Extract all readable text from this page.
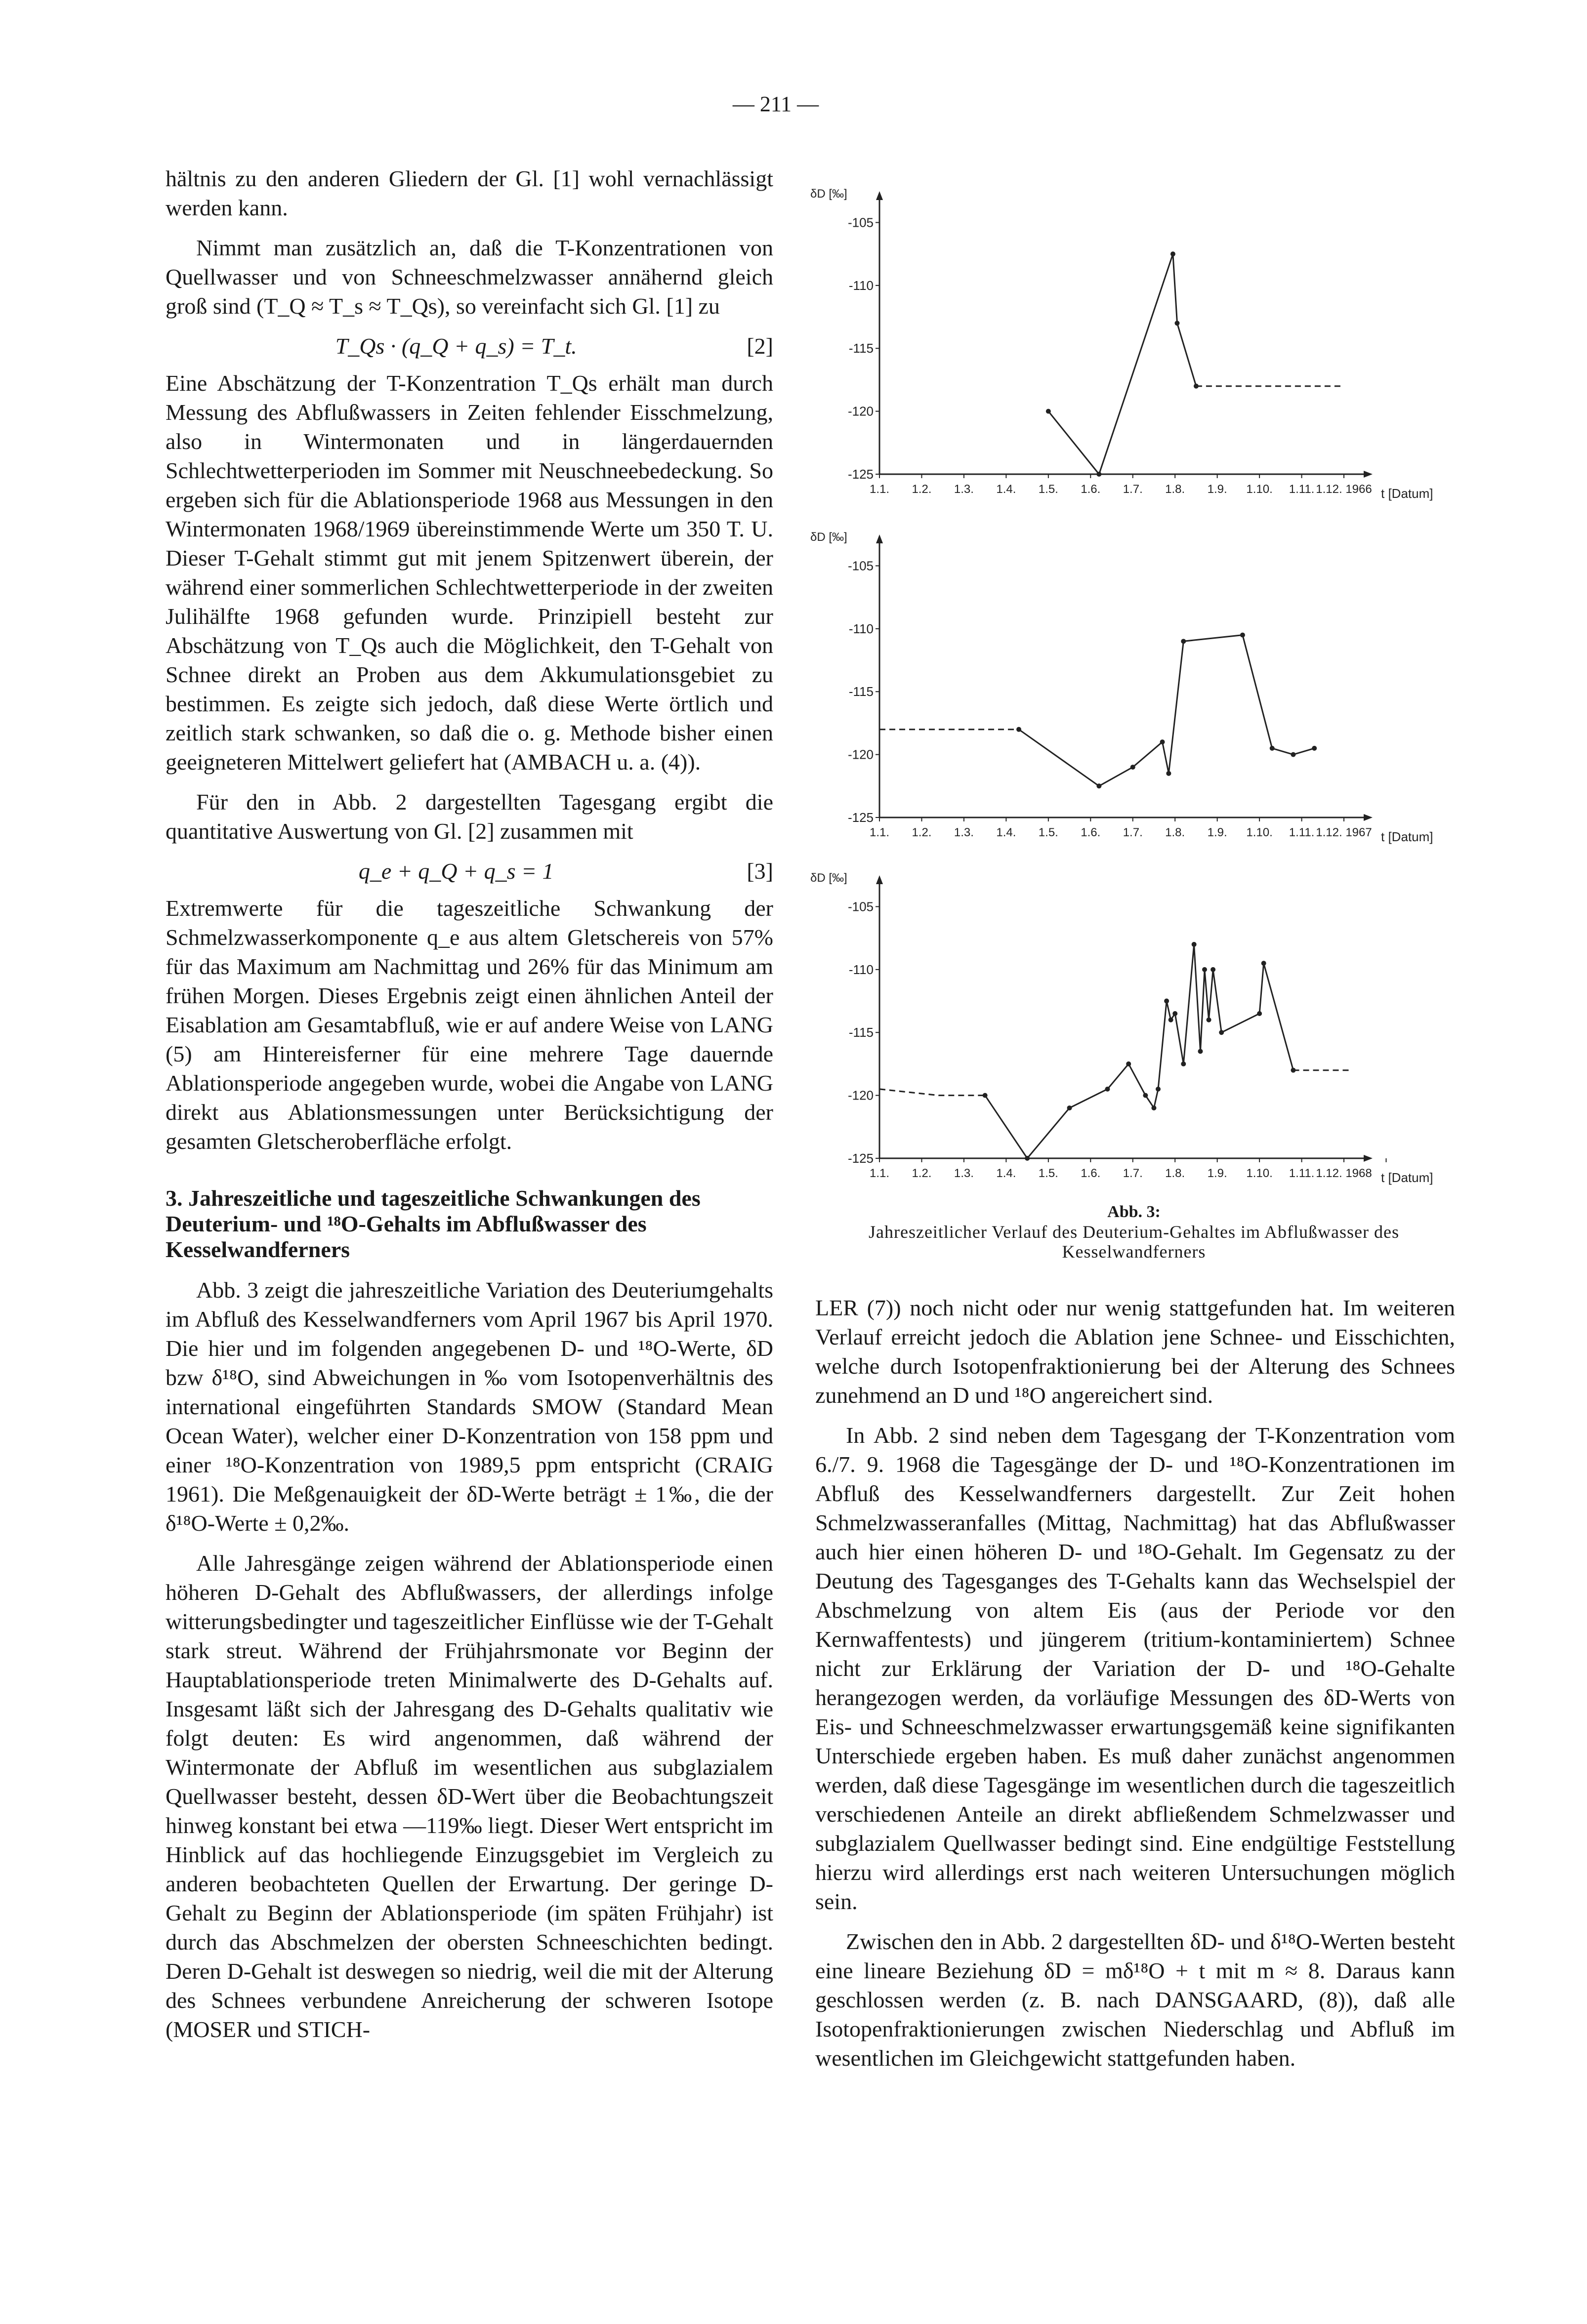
— 211 —

hältnis zu den anderen Gliedern der Gl. [1] wohl vernachlässigt werden kann.

Nimmt man zusätzlich an, daß die T-Konzentrationen von Quellwasser und von Schneeschmelzwasser annähernd gleich groß sind (T_Q ≈ T_s ≈ T_Qs), so vereinfacht sich Gl. [1] zu

T_Qs · (q_Q + q_s) = T_t.	[2]

Eine Abschätzung der T-Konzentration T_Qs erhält man durch Messung des Abflußwassers in Zeiten fehlender Eisschmelzung, also in Wintermonaten und in längerdauernden Schlechtwetterperioden im Sommer mit Neuschneebedeckung. So ergeben sich für die Ablationsperiode 1968 aus Messungen in den Wintermonaten 1968/1969 übereinstimmende Werte um 350 T. U. Dieser T-Gehalt stimmt gut mit jenem Spitzenwert überein, der während einer sommerlichen Schlechtwetterperiode in der zweiten Julihälfte 1968 gefunden wurde. Prinzipiell besteht zur Abschätzung von T_Qs auch die Möglichkeit, den T-Gehalt von Schnee direkt an Proben aus dem Akkumulationsgebiet zu bestimmen. Es zeigte sich jedoch, daß diese Werte örtlich und zeitlich stark schwanken, so daß die o. g. Methode bisher einen geeigneteren Mittelwert geliefert hat (AMBACH u. a. (4)).

Für den in Abb. 2 dargestellten Tagesgang ergibt die quantitative Auswertung von Gl. [2] zusammen mit

q_e + q_Q + q_s = 1	[3]

Extremwerte für die tageszeitliche Schwankung der Schmelzwasserkomponente q_e aus altem Gletschereis von 57% für das Maximum am Nachmittag und 26% für das Minimum am frühen Morgen. Dieses Ergebnis zeigt einen ähnlichen Anteil der Eisablation am Gesamtabfluß, wie er auf andere Weise von LANG (5) am Hintereisferner für eine mehrere Tage dauernde Ablationsperiode angegeben wurde, wobei die Angabe von LANG direkt aus Ablationsmessungen unter Berücksichtigung der gesamten Gletscheroberfläche erfolgt.

3. Jahreszeitliche und tageszeitliche Schwankungen des Deuterium- und ¹⁸O-Gehalts im Abflußwasser des Kesselwandferners

Abb. 3 zeigt die jahreszeitliche Variation des Deuteriumgehalts im Abfluß des Kesselwandferners vom April 1967 bis April 1970. Die hier und im folgenden angegebenen D- und ¹⁸O-Werte, δD bzw δ¹⁸O, sind Abweichungen in ‰ vom Isotopenverhältnis des international eingeführten Standards SMOW (Standard Mean Ocean Water), welcher einer D-Konzentration von 158 ppm und einer ¹⁸O-Konzentration von 1989,5 ppm entspricht (CRAIG 1961). Die Meßgenauigkeit der δD-Werte beträgt ± 1‰, die der δ¹⁸O-Werte ± 0,2‰.

Alle Jahresgänge zeigen während der Ablationsperiode einen höheren D-Gehalt des Abflußwassers, der allerdings infolge witterungsbedingter und tageszeitlicher Einflüsse wie der T-Gehalt stark streut. Während der Frühjahrsmonate vor Beginn der Hauptablationsperiode treten Minimalwerte des D-Gehalts auf. Insgesamt läßt sich der Jahresgang des D-Gehalts qualitativ wie folgt deuten: Es wird angenommen, daß während der Wintermonate der Abfluß im wesentlichen aus subglazialem Quellwasser besteht, dessen δD-Wert über die Beobachtungszeit hinweg konstant bei etwa —119‰ liegt. Dieser Wert entspricht im Hinblick auf das hochliegende Einzugsgebiet im Vergleich zu anderen beobachteten Quellen der Erwartung. Der geringe D-Gehalt zu Beginn der Ablationsperiode (im späten Frühjahr) ist durch das Abschmelzen der obersten Schneeschichten bedingt. Deren D-Gehalt ist deswegen so niedrig, weil die mit der Alterung des Schnees verbundene Anreicherung der schweren Isotope (MOSER und STICH-

δD [‰]
-105
-110
-115
-120
-125
1.1. 1.2. 1.3. 1.4. 1.5. 1.6. 1.7. 1.8. 1.9. 1.10. 1.11. 1.12. 1966 t [Datum]
δD [‰]
-105
-110
-115
-120
-125
1.1. 1.2. 1.3. 1.4. 1.5. 1.6. 1.7. 1.8. 1.9. 1.10. 1.11. 1.12. 1967 t [Datum]
δD [‰]
-105
-110
-115
-120
-125
1.1. 1.2. 1.3. 1.4. 1.5. 1.6. 1.7. 1.8. 1.9. 1.10. 1.11. 1.12. 1968 t [Datum]
Abb. 3:
Jahreszeitlicher Verlauf des Deuterium-Gehaltes im Abflußwasser des Kesselwandferners

LER (7)) noch nicht oder nur wenig stattgefunden hat. Im weiteren Verlauf erreicht jedoch die Ablation jene Schnee- und Eisschichten, welche durch Isotopenfraktionierung bei der Alterung des Schnees zunehmend an D und ¹⁸O angereichert sind.

In Abb. 2 sind neben dem Tagesgang der T-Konzentration vom 6./7. 9. 1968 die Tagesgänge der D- und ¹⁸O-Konzentrationen im Abfluß des Kesselwandferners dargestellt. Zur Zeit hohen Schmelzwasseranfalles (Mittag, Nachmittag) hat das Abflußwasser auch hier einen höheren D- und ¹⁸O-Gehalt. Im Gegensatz zu der Deutung des Tagesganges des T-Gehalts kann das Wechselspiel der Abschmelzung von altem Eis (aus der Periode vor den Kernwaffentests) und jüngerem (tritium-kontaminiertem) Schnee nicht zur Erklärung der Variation der D- und ¹⁸O-Gehalte herangezogen werden, da vorläufige Messungen des δD-Werts von Eis- und Schneeschmelzwasser erwartungsgemäß keine signifikanten Unterschiede ergeben haben. Es muß daher zunächst angenommen werden, daß diese Tagesgänge im wesentlichen durch die tageszeitlich verschiedenen Anteile an direkt abfließendem Schmelzwasser und subglazialem Quellwasser bedingt sind. Eine endgültige Feststellung hierzu wird allerdings erst nach weiteren Untersuchungen möglich sein.

Zwischen den in Abb. 2 dargestellten δD- und δ¹⁸O-Werten besteht eine lineare Beziehung δD = mδ¹⁸O + t mit m ≈ 8. Daraus kann geschlossen werden (z. B. nach DANSGAARD, (8)), daß alle Isotopenfraktionierungen zwischen Niederschlag und Abfluß im wesentlichen im Gleichgewicht stattgefunden haben.
